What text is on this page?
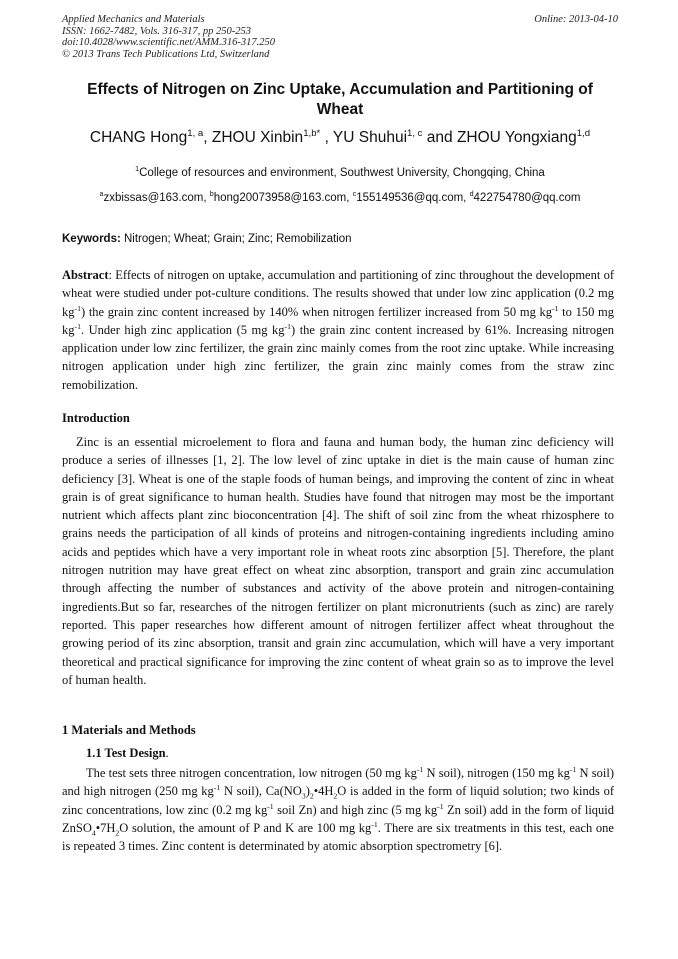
Applied Mechanics and Materials
ISSN: 1662-7482, Vols. 316-317, pp 250-253
doi:10.4028/www.scientific.net/AMM.316-317.250
© 2013 Trans Tech Publications Ltd, Switzerland
Online: 2013-04-10
Effects of Nitrogen on Zinc Uptake, Accumulation and Partitioning of Wheat
CHANG Hong$^{1, a}$, ZHOU Xinbin$^{1,b*}$ , YU Shuhui$^{1, c}$ and ZHOU Yongxiang$^{1,d}$
$^1$College of resources and environment, Southwest University, Chongqing, China
$^a$zxbissas@163.com, $^b$hong20073958@163.com, $^c$155149536@qq.com, $^d$422754780@qq.com
Keywords: Nitrogen; Wheat; Grain; Zinc; Remobilization
Abstract: Effects of nitrogen on uptake, accumulation and partitioning of zinc throughout the development of wheat were studied under pot-culture conditions. The results showed that under low zinc application (0.2 mg $kg^{-1}$) the grain zinc content increased by 140% when nitrogen fertilizer increased from 50 mg $kg^{-1}$ to 150 mg $kg^{-1}$. Under high zinc application (5 mg $kg^{-1}$) the grain zinc content increased by 61%. Increasing nitrogen application under low zinc fertilizer, the grain zinc mainly comes from the root zinc uptake. While increasing nitrogen application under high zinc fertilizer, the grain zinc mainly comes from the straw zinc remobilization.
Introduction
Zinc is an essential microelement to flora and fauna and human body, the human zinc deficiency will produce a series of illnesses [1, 2]. The low level of zinc uptake in diet is the main cause of human zinc deficiency [3]. Wheat is one of the staple foods of human beings, and improving the content of zinc in wheat grain is of great significance to human health. Studies have found that nitrogen may most be the important nutrient which affects plant zinc bioconcentration [4]. The shift of soil zinc from the wheat rhizosphere to grains needs the participation of all kinds of proteins and nitrogen-containing ingredients including amino acids and peptides which have a very important role in wheat roots zinc absorption [5]. Therefore, the plant nitrogen nutrition may have great effect on wheat zinc absorption, transport and grain zinc accumulation through affecting the number of substances and activity of the above protein and nitrogen-containing ingredients.But so far, researches of the nitrogen fertilizer on plant micronutrients (such as zinc) are rarely reported. This paper researches how different amount of nitrogen fertilizer affect wheat throughout the growing period of its zinc absorption, transit and grain zinc accumulation, which will have a very important theoretical and practical significance for improving the zinc content of wheat grain so as to improve the level of human health.
1 Materials and Methods
1.1 Test Design.
The test sets three nitrogen concentration, low nitrogen (50 mg $kg^{-1}$ N soil), nitrogen (150 mg $kg^{-1}$ N soil) and high nitrogen (250 mg $kg^{-1}$ N soil), $Ca(NO_3)_2•4H_2O$ is added in the form of liquid solution; two kinds of zinc concentrations, low zinc (0.2 mg $kg^{-1}$ soil Zn) and high zinc (5 mg $kg^{-1}$ Zn soil) add in the form of liquid $ZnSO_4•7H_2O$ solution, the amount of P and K are 100 mg $kg^{-1}$. There are six treatments in this test, each one is repeated 3 times. Zinc content is determinated by atomic absorption spectrometry [6].
